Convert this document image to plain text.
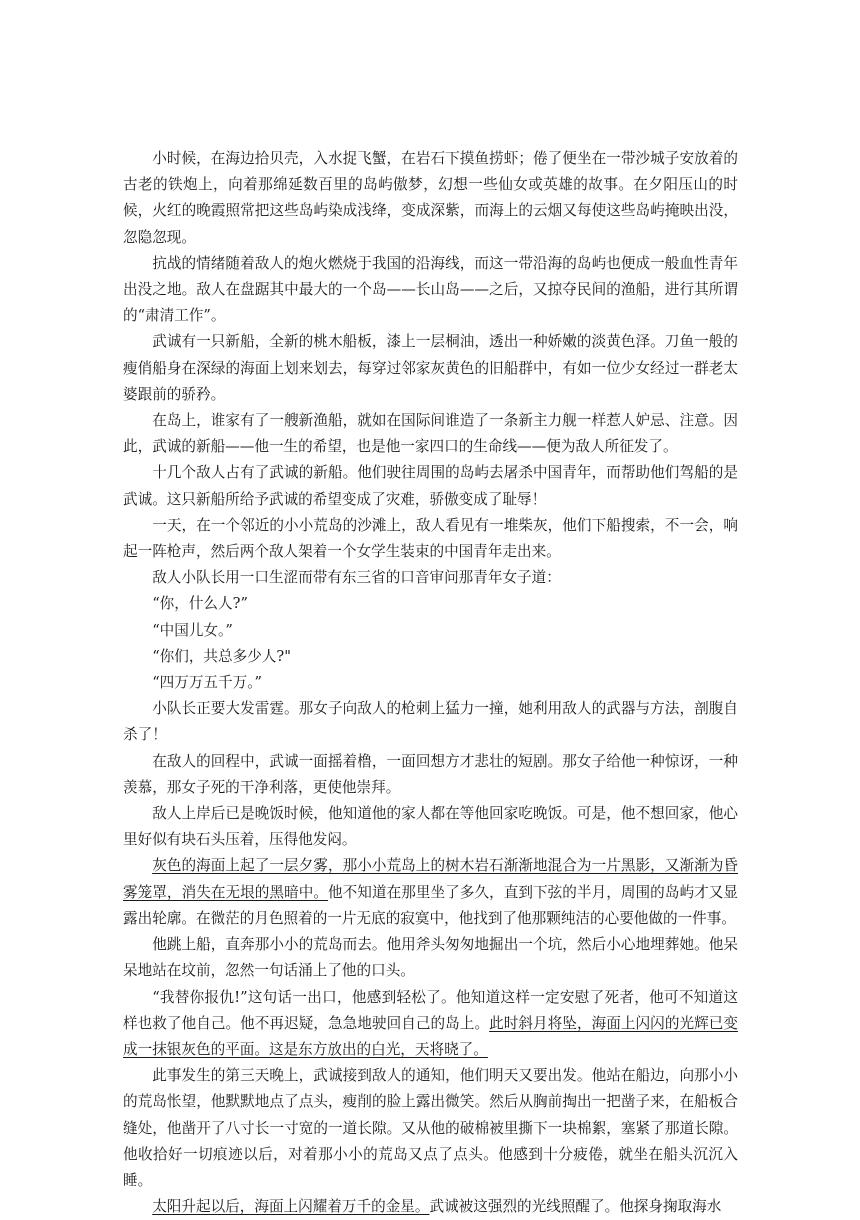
小时候，在海边拾贝壳，入水捉飞蟹，在岩石下摸鱼捞虾；倦了便坐在一带沙城子安放着的古老的铁炮上，向着那绵延数百里的岛屿傲梦，幻想一些仙女或英雄的故事。在夕阳压山的时候，火红的晚霞照常把这些岛屿染成浅绛，变成深紫，而海上的云烟又每使这些岛屿掩映出没，忽隐忽现。

抗战的情绪随着敌人的炮火燃烧于我国的沿海线，而这一带沿海的岛屿也便成一般血性青年出没之地。敌人在盘踞其中最大的一个岛——长山岛——之后，又掠夺民间的渔船，进行其所谓的“肃清工作”。

武诚有一只新船，全新的桃木船板，漆上一层桐油，透出一种娇嫩的淡黄色泽。刀鱼一般的瘦俏船身在深绿的海面上划来划去，每穿过邻家灰黄色的旧船群中，有如一位少女经过一群老太婆跟前的骄矜。

在岛上，谁家有了一艘新渔船，就如在国际间谁造了一条新主力舰一样惹人妒忌、注意。因此，武诚的新船——他一生的希望，也是他一家四口的生命线——便为敌人所征发了。

十几个敌人占有了武诚的新船。他们驶往周围的岛屿去屠杀中国青年，而帮助他们驾船的是武诚。这只新船所给予武诚的希望变成了灾难，骄傲变成了耻辱！

一天，在一个邻近的小小荒岛的沙滩上，敌人看见有一堆柴灰，他们下船搜索，不一会，响起一阵枪声，然后两个敌人架着一个女学生装束的中国青年走出来。

敌人小队长用一口生涩而带有东三省的口音审问那青年女子道：

“你，什么人?”

“中国儿女。”

“你们，共总多少人?"

“四万万五千万。”

小队长正要大发雷霆。那女子向敌人的枪刺上猛力一撞，她利用敌人的武器与方法，剖腹自杀了！

在敌人的回程中，武诚一面摇着橹，一面回想方才悲壮的短剧。那女子给他一种惊讶，一种羡慕，那女子死的干净利落，更使他崇拜。

敌人上岸后已是晚饭时候，他知道他的家人都在等他回家吃晚饭。可是，他不想回家，他心里好似有块石头压着，压得他发闷。

灰色的海面上起了一层夕雾，那小小荒岛上的树木岩石渐渐地混合为一片黑影，又渐渐为昏雾笼罩，消失在无垠的黑暗中。他不知道在那里坐了多久，直到下弦的半月，周围的岛屿才又显露出轮廓。在微茫的月色照着的一片无底的寂寞中，他找到了他那颗纯洁的心要他做的一件事。

他跳上船，直奔那小小的荒岛而去。他用斧头匆匆地掘出一个坑，然后小心地埋葬她。他呆呆地站在坟前，忽然一句话涌上了他的口头。

“我替你报仇!”这句话一出口，他感到轻松了。他知道这样一定安慰了死者，他可不知道这样也救了他自己。他不再迟疑，急急地驶回自己的岛上。此时斜月将坠，海面上闪闪的光辉已变成一抹银灰色的平面。这是东方放出的白光，天将晓了。

此事发生的第三天晚上，武诚接到敌人的通知，他们明天又要出发。他站在船边，向那小小的荒岛怅望，他默默地点了点头，瘦削的脸上露出微笑。然后从胸前掏出一把凿子来，在船板合缝处，他凿开了八寸长一寸宽的一道长隙。又从他的破棉被里撕下一块棉絮，塞紧了那道长隙。他收拾好一切痕迹以后，对着那小小的荒岛又点了点头。他感到十分疲倦，就坐在船头沉沉入睡。

太阳升起以后，海面上闪耀着万千的金星。武诚被这强烈的光线照醒了。他探身掬取海水
